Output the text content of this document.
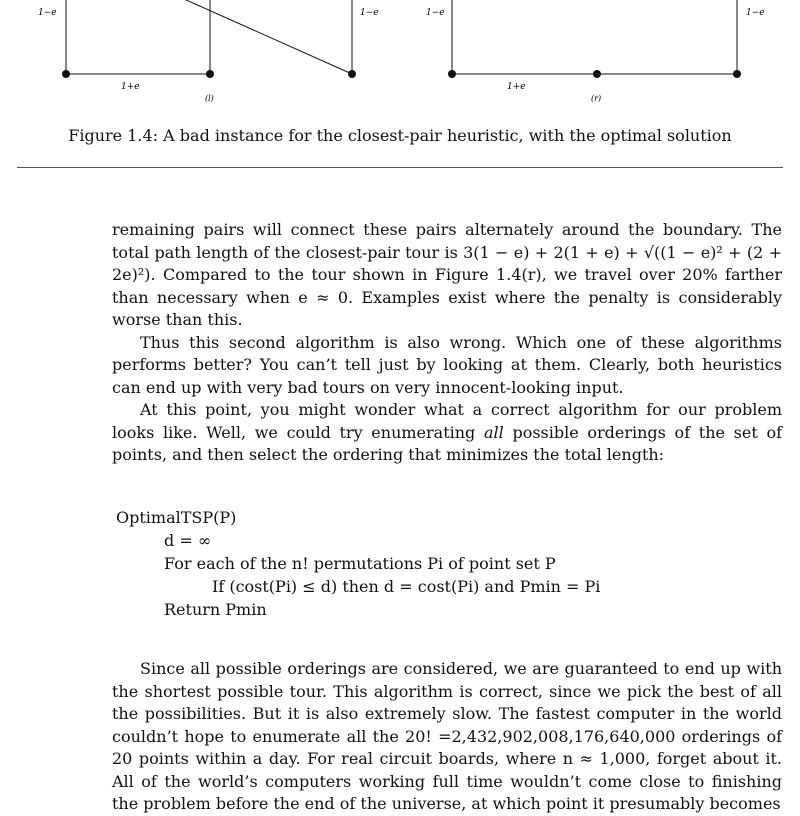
1−e	1−e
1+e
(l)
1−e	1−e
1+e
(r)
Figure 1.4: A bad instance for the closest-pair heuristic, with the optimal solution

remaining pairs will connect these pairs alternately around the boundary. The total path length of the closest-pair tour is 3(1 − e) + 2(1 + e) + √((1 − e)² + (2 + 2e)²). Compared to the tour shown in Figure 1.4(r), we travel over 20% farther than necessary when e ≈ 0. Examples exist where the penalty is considerably worse than this.

Thus this second algorithm is also wrong. Which one of these algorithms performs better? You can’t tell just by looking at them. Clearly, both heuristics can end up with very bad tours on very innocent-looking input.

At this point, you might wonder what a correct algorithm for our problem looks like. Well, we could try enumerating all possible orderings of the set of points, and then select the ordering that minimizes the total length:

OptimalTSP(P)
d = ∞
For each of the n! permutations Pi of point set P
If (cost(Pi) ≤ d) then d = cost(Pi) and Pmin = Pi
Return Pmin

Since all possible orderings are considered, we are guaranteed to end up with the shortest possible tour. This algorithm is correct, since we pick the best of all the possibilities. But it is also extremely slow. The fastest computer in the world couldn’t hope to enumerate all the 20! =2,432,902,008,176,640,000 orderings of 20 points within a day. For real circuit boards, where n ≈ 1,000, forget about it. All of the world’s computers working full time wouldn’t come close to finishing the problem before the end of the universe, at which point it presumably becomes
